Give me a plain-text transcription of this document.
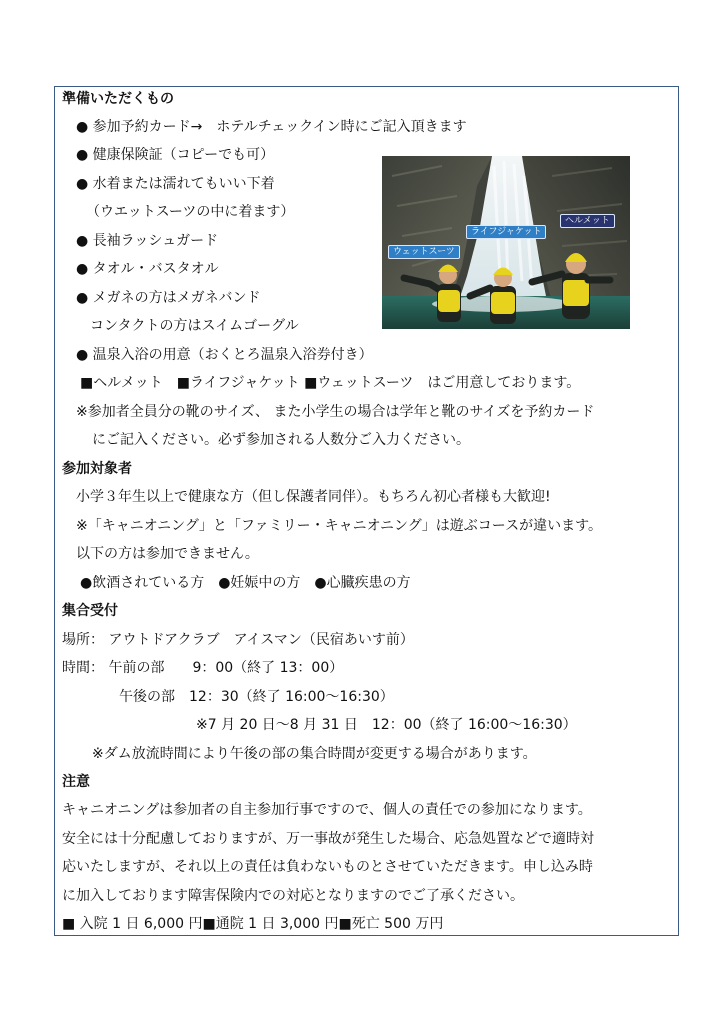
準備いただくもの
● 参加予約カード→　ホテルチェックイン時にご記入頂きます
● 健康保険証（コピーでも可）
● 水着または濡れてもいい下着
（ウエットスーツの中に着ます）
● 長袖ラッシュガード
● タオル・バスタオル
● メガネの方はメガネバンド
コンタクトの方はスイムゴーグル
● 温泉入浴の用意（おくとろ温泉入浴券付き）
■ヘルメット　■ライフジャケット ■ウェットスーツ　はご用意しております。
※参加者全員分の靴のサイズ、 また小学生の場合は学年と靴のサイズを予約カード
にご記入ください。必ず参加される人数分ご入力ください。
参加対象者
小学３年生以上で健康な方（但し保護者同伴）。もちろん初心者様も大歓迎!
※「キャニオニング」と「ファミリー・キャニオニング」は遊ぶコースが違います。
以下の方は参加できません。
●飲酒されている方　●妊娠中の方　●心臓疾患の方
集合受付
場所： アウトドアクラブ　アイスマン（民宿あいす前）
時間： 午前の部　　9：00（終了 13：00）
午後の部　12：30（終了 16:00～16:30）
※7 月 20 日～8 月 31 日　12：00（終了 16:00～16:30）
※ダム放流時間により午後の部の集合時間が変更する場合があります。
注意
キャニオニングは参加者の自主参加行事ですので、個人の責任での参加になります。
安全には十分配慮しておりますが、万一事故が発生した場合、応急処置などで適時対
応いたしますが、それ以上の責任は負わないものとさせていただきます。申し込み時
に加入しております障害保険内での対応となりますのでご了承ください。
■ 入院 1 日 6,000 円■通院 1 日 3,000 円■死亡 500 万円
ヘルメット
ライフジャケット
ウェットスーツ
